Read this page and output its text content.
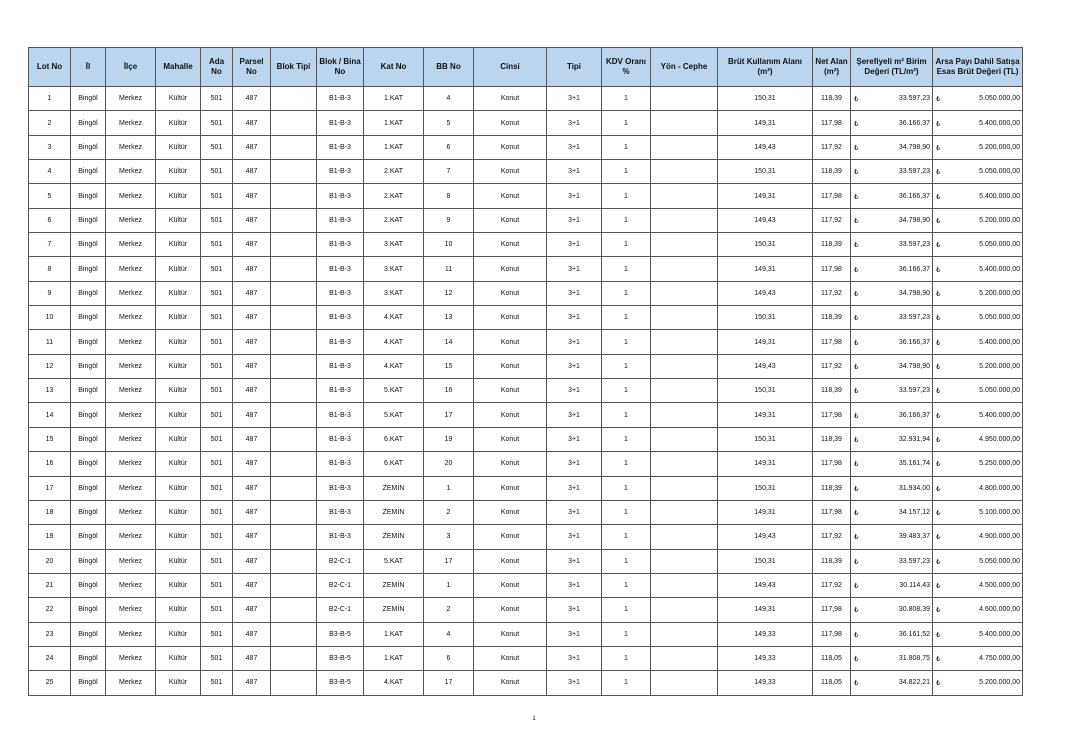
Lot No	İl	İlçe	Mahalle	Ada No	Parsel No	Blok Tipi	Blok / Bina No	Kat No	BB No	Cinsi	Tipi	KDV Oranı %	Yön - Cephe	Brüt Kullanım Alanı (m²)	Net Alan (m²)	Şerefiyeli m² Birim Değeri (TL/m²)	Arsa Payı Dahil Satışa Esas Brüt Değeri (TL)
1	Bingöl	Merkez	Kültür	501	487		B1-B-3	1.KAT	4	Konut	3+1	1		150,31	118,39	₺ 33.597,23	₺ 5.050.000,00
2	Bingöl	Merkez	Kültür	501	487		B1-B-3	1.KAT	5	Konut	3+1	1		149,31	117,98	₺ 36.166,37	₺ 5.400.000,00
3	Bingöl	Merkez	Kültür	501	487		B1-B-3	1.KAT	6	Konut	3+1	1		149,43	117,92	₺ 34.798,90	₺ 5.200.000,00
4	Bingöl	Merkez	Kültür	501	487		B1-B-3	2.KAT	7	Konut	3+1	1		150,31	118,39	₺ 33.597,23	₺ 5.050.000,00
5	Bingöl	Merkez	Kültür	501	487		B1-B-3	2.KAT	8	Konut	3+1	1		149,31	117,98	₺ 36.166,37	₺ 5.400.000,00
6	Bingöl	Merkez	Kültür	501	487		B1-B-3	2.KAT	9	Konut	3+1	1		149,43	117,92	₺ 34.798,90	₺ 5.200.000,00
7	Bingöl	Merkez	Kültür	501	487		B1-B-3	3.KAT	10	Konut	3+1	1		150,31	118,39	₺ 33.597,23	₺ 5.050.000,00
8	Bingöl	Merkez	Kültür	501	487		B1-B-3	3.KAT	11	Konut	3+1	1		149,31	117,98	₺ 36.166,37	₺ 5.400.000,00
9	Bingöl	Merkez	Kültür	501	487		B1-B-3	3.KAT	12	Konut	3+1	1		149,43	117,92	₺ 34.798,90	₺ 5.200.000,00
10	Bingöl	Merkez	Kültür	501	487		B1-B-3	4.KAT	13	Konut	3+1	1		150,31	118,39	₺ 33.597,23	₺ 5.050.000,00
11	Bingöl	Merkez	Kültür	501	487		B1-B-3	4.KAT	14	Konut	3+1	1		149,31	117,98	₺ 36.166,37	₺ 5.400.000,00
12	Bingöl	Merkez	Kültür	501	487		B1-B-3	4.KAT	15	Konut	3+1	1		149,43	117,92	₺ 34.798,90	₺ 5.200.000,00
13	Bingöl	Merkez	Kültür	501	487		B1-B-3	5.KAT	16	Konut	3+1	1		150,31	118,39	₺ 33.597,23	₺ 5.050.000,00
14	Bingöl	Merkez	Kültür	501	487		B1-B-3	5.KAT	17	Konut	3+1	1		149,31	117,98	₺ 36.166,37	₺ 5.400.000,00
15	Bingöl	Merkez	Kültür	501	487		B1-B-3	6.KAT	19	Konut	3+1	1		150,31	118,39	₺ 32.931,94	₺ 4.950.000,00
16	Bingöl	Merkez	Kültür	501	487		B1-B-3	6.KAT	20	Konut	3+1	1		149,31	117,98	₺ 35.161,74	₺ 5.250.000,00
17	Bingöl	Merkez	Kültür	501	487		B1-B-3	ZEMİN	1	Konut	3+1	1		150,31	118,39	₺ 31.934,00	₺ 4.800.000,00
18	Bingöl	Merkez	Kültür	501	487		B1-B-3	ZEMİN	2	Konut	3+1	1		149,31	117,98	₺ 34.157,12	₺ 5.100.000,00
19	Bingöl	Merkez	Kültür	501	487		B1-B-3	ZEMİN	3	Konut	3+1	1		149,43	117,92	₺ 39.483,37	₺ 4.900.000,00
20	Bingöl	Merkez	Kültür	501	487		B2-C-1	5.KAT	17	Konut	3+1	1		150,31	118,39	₺ 33.597,23	₺ 5.050.000,00
21	Bingöl	Merkez	Kültür	501	487		B2-C-1	ZEMİN	1	Konut	3+1	1		149,43	117,92	₺ 30.114,43	₺ 4.500.000,00
22	Bingöl	Merkez	Kültür	501	487		B2-C-1	ZEMİN	2	Konut	3+1	1		149,31	117,98	₺ 30.808,39	₺ 4.600.000,00
23	Bingöl	Merkez	Kültür	501	487		B3-B-5	1.KAT	4	Konut	3+1	1		149,33	117,98	₺ 36.161,52	₺ 5.400.000,00
24	Bingöl	Merkez	Kültür	501	487		B3-B-5	1.KAT	6	Konut	3+1	1		149,33	118,05	₺ 31.808,75	₺ 4.750.000,00
25	Bingöl	Merkez	Kültür	501	487		B3-B-5	4.KAT	17	Konut	3+1	1		149,33	118,05	₺ 34.822,21	₺ 5.200.000,00
1
